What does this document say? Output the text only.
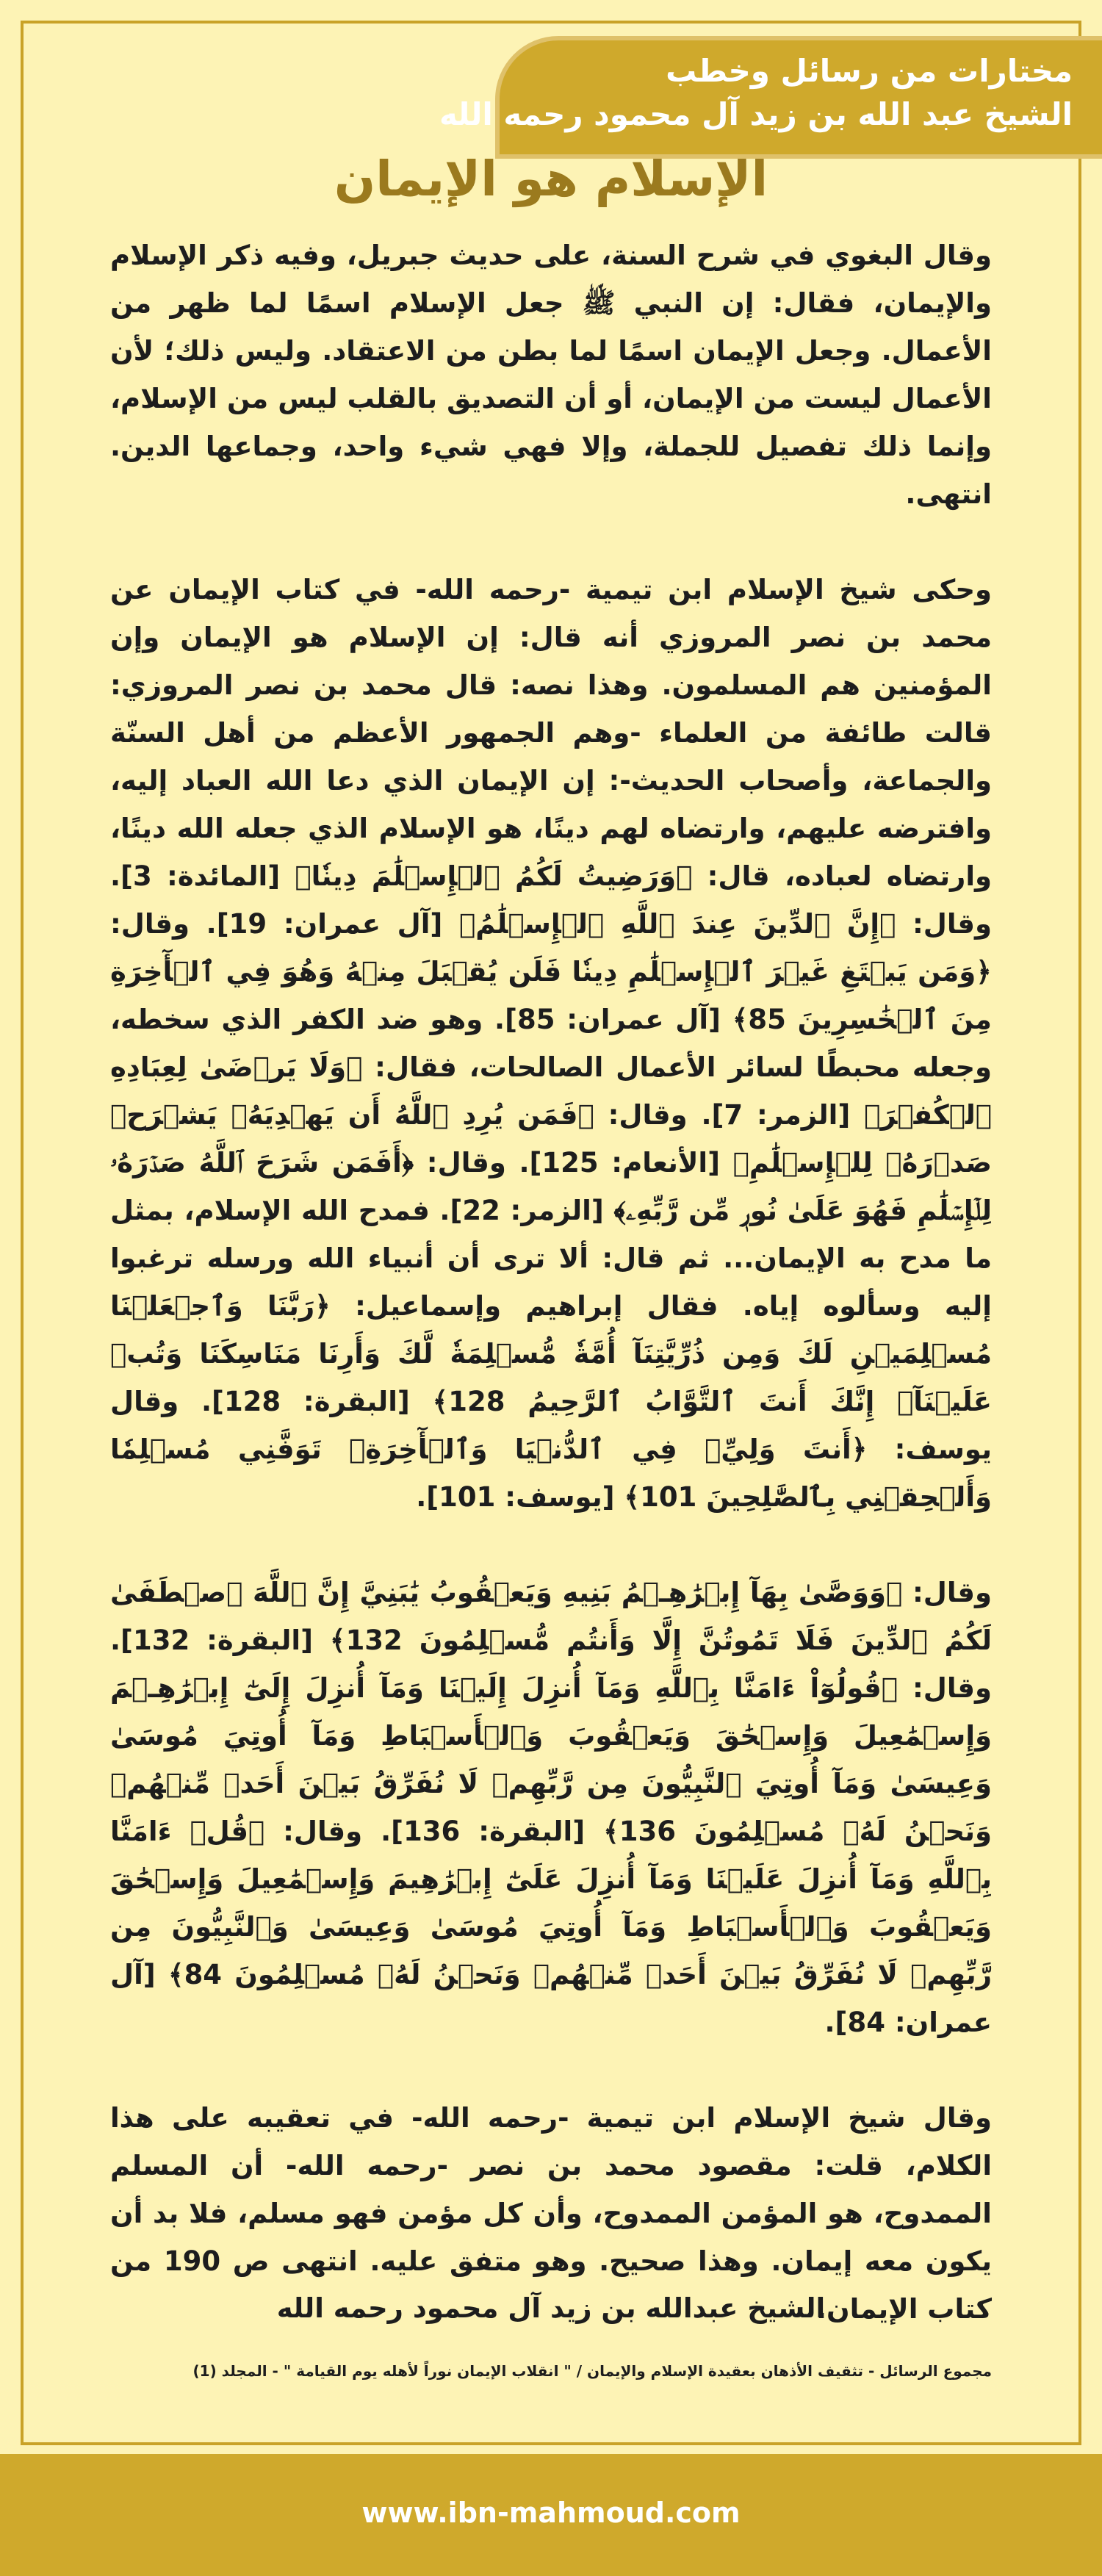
مختارات من رسائل وخطب
الشيخ عبد الله بن زيد آل محمود رحمه الله
الإسلام هو الإيمان

وقال البغوي في شرح السنة، على حديث جبريل، وفيه ذكر الإسلام والإيمان، فقال: إن النبي ﷺ جعل الإسلام اسمًا لما ظهر من الأعمال. وجعل الإيمان اسمًا لما بطن من الاعتقاد. وليس ذلك؛ لأن الأعمال ليست من الإيمان، أو أن التصديق بالقلب ليس من الإسلام، وإنما ذلك تفصيل للجملة، وإلا فهي شيء واحد، وجماعها الدين. انتهى.

وحكى شيخ الإسلام ابن تيمية -رحمه الله- في كتاب الإيمان عن محمد بن نصر المروزي أنه قال: إن الإسلام هو الإيمان وإن المؤمنين هم المسلمون. وهذا نصه: قال محمد بن نصر المروزي: قالت طائفة من العلماء -وهم الجمهور الأعظم من أهل السنّة والجماعة، وأصحاب الحديث-: إن الإيمان الذي دعا الله العباد إليه، وافترضه عليهم، وارتضاه لهم دينًا، هو الإسلام الذي جعله الله دينًا، وارتضاه لعباده، قال: ﴿وَرَضِيتُ لَكُمُ ٱلۡإِسۡلَٰمَ دِينٗا﴾ [المائدة: 3]. وقال: ﴿إِنَّ ٱلدِّينَ عِندَ ٱللَّهِ ٱلۡإِسۡلَٰمُ﴾ [آل عمران: 19]. وقال: ﴿وَمَن يَبۡتَغِ غَيۡرَ ٱلۡإِسۡلَٰمِ دِينٗا فَلَن يُقۡبَلَ مِنۡهُ وَهُوَ فِي ٱلۡأٓخِرَةِ مِنَ ٱلۡخَٰسِرِينَ 85﴾ [آل عمران: 85]. وهو ضد الكفر الذي سخطه، وجعله محبطًا لسائر الأعمال الصالحات، فقال: ﴿وَلَا يَرۡضَىٰ لِعِبَادِهِ ٱلۡكُفۡرَ﴾ [الزمر: 7]. وقال: ﴿فَمَن يُرِدِ ٱللَّهُ أَن يَهۡدِيَهُۥ يَشۡرَحۡ صَدۡرَهُۥ لِلۡإِسۡلَٰمِ﴾ [الأنعام: 125]. وقال: ﴿أَفَمَن شَرَحَ ٱللَّهُ صَدۡرَهُۥ لِلۡإِسۡلَٰمِ فَهُوَ عَلَىٰ نُورٖ مِّن رَّبِّهِۦ﴾ [الزمر: 22]. فمدح الله الإسلام، بمثل ما مدح به الإيمان... ثم قال: ألا ترى أن أنبياء الله ورسله ترغبوا إليه وسألوه إياه. فقال إبراهيم وإسماعيل: ﴿رَبَّنَا وَٱجۡعَلۡنَا مُسۡلِمَيۡنِ لَكَ وَمِن ذُرِّيَّتِنَآ أُمَّةٗ مُّسۡلِمَةٗ لَّكَ وَأَرِنَا مَنَاسِكَنَا وَتُبۡ عَلَيۡنَآۖ إِنَّكَ أَنتَ ٱلتَّوَّابُ ٱلرَّحِيمُ 128﴾ [البقرة: 128]. وقال يوسف: ﴿أَنتَ وَلِيِّۦ فِي ٱلدُّنۡيَا وَٱلۡأٓخِرَةِۖ تَوَفَّنِي مُسۡلِمٗا وَأَلۡحِقۡنِي بِٱلصَّٰلِحِينَ 101﴾ [يوسف: 101].

وقال: ﴿وَوَصَّىٰ بِهَآ إِبۡرَٰهِـۧمُ بَنِيهِ وَيَعۡقُوبُ يَٰبَنِيَّ إِنَّ ٱللَّهَ ٱصۡطَفَىٰ لَكُمُ ٱلدِّينَ فَلَا تَمُوتُنَّ إِلَّا وَأَنتُم مُّسۡلِمُونَ 132﴾ [البقرة: 132]. وقال: ﴿قُولُوٓاْ ءَامَنَّا بِٱللَّهِ وَمَآ أُنزِلَ إِلَيۡنَا وَمَآ أُنزِلَ إِلَىٰٓ إِبۡرَٰهِـۧمَ وَإِسۡمَٰعِيلَ وَإِسۡحَٰقَ وَيَعۡقُوبَ وَٱلۡأَسۡبَاطِ وَمَآ أُوتِيَ مُوسَىٰ وَعِيسَىٰ وَمَآ أُوتِيَ ٱلنَّبِيُّونَ مِن رَّبِّهِمۡ لَا نُفَرِّقُ بَيۡنَ أَحَدٖ مِّنۡهُمۡ وَنَحۡنُ لَهُۥ مُسۡلِمُونَ 136﴾ [البقرة: 136]. وقال: ﴿قُلۡ ءَامَنَّا بِٱللَّهِ وَمَآ أُنزِلَ عَلَيۡنَا وَمَآ أُنزِلَ عَلَىٰٓ إِبۡرَٰهِيمَ وَإِسۡمَٰعِيلَ وَإِسۡحَٰقَ وَيَعۡقُوبَ وَٱلۡأَسۡبَاطِ وَمَآ أُوتِيَ مُوسَىٰ وَعِيسَىٰ وَٱلنَّبِيُّونَ مِن رَّبِّهِمۡ لَا نُفَرِّقُ بَيۡنَ أَحَدٖ مِّنۡهُمۡ وَنَحۡنُ لَهُۥ مُسۡلِمُونَ 84﴾ [آل عمران: 84].

وقال شيخ الإسلام ابن تيمية -رحمه الله- في تعقيبه على هذا الكلام، قلت: مقصود محمد بن نصر -رحمه الله- أن المسلم الممدوح، هو المؤمن الممدوح، وأن كل مؤمن فهو مسلم، فلا بد أن يكون معه إيمان. وهذا صحيح. وهو متفق عليه. انتهى ص 190 من كتاب الإيمان.

الشيخ عبدالله بن زيد آل محمود رحمه الله
مجموع الرسائل - تثقيف الأذهان بعقيدة الإسلام والإيمان / " انقلاب الإيمان نوراً لأهله يوم القيامة " - المجلد (1)
www.ibn-mahmoud.com
